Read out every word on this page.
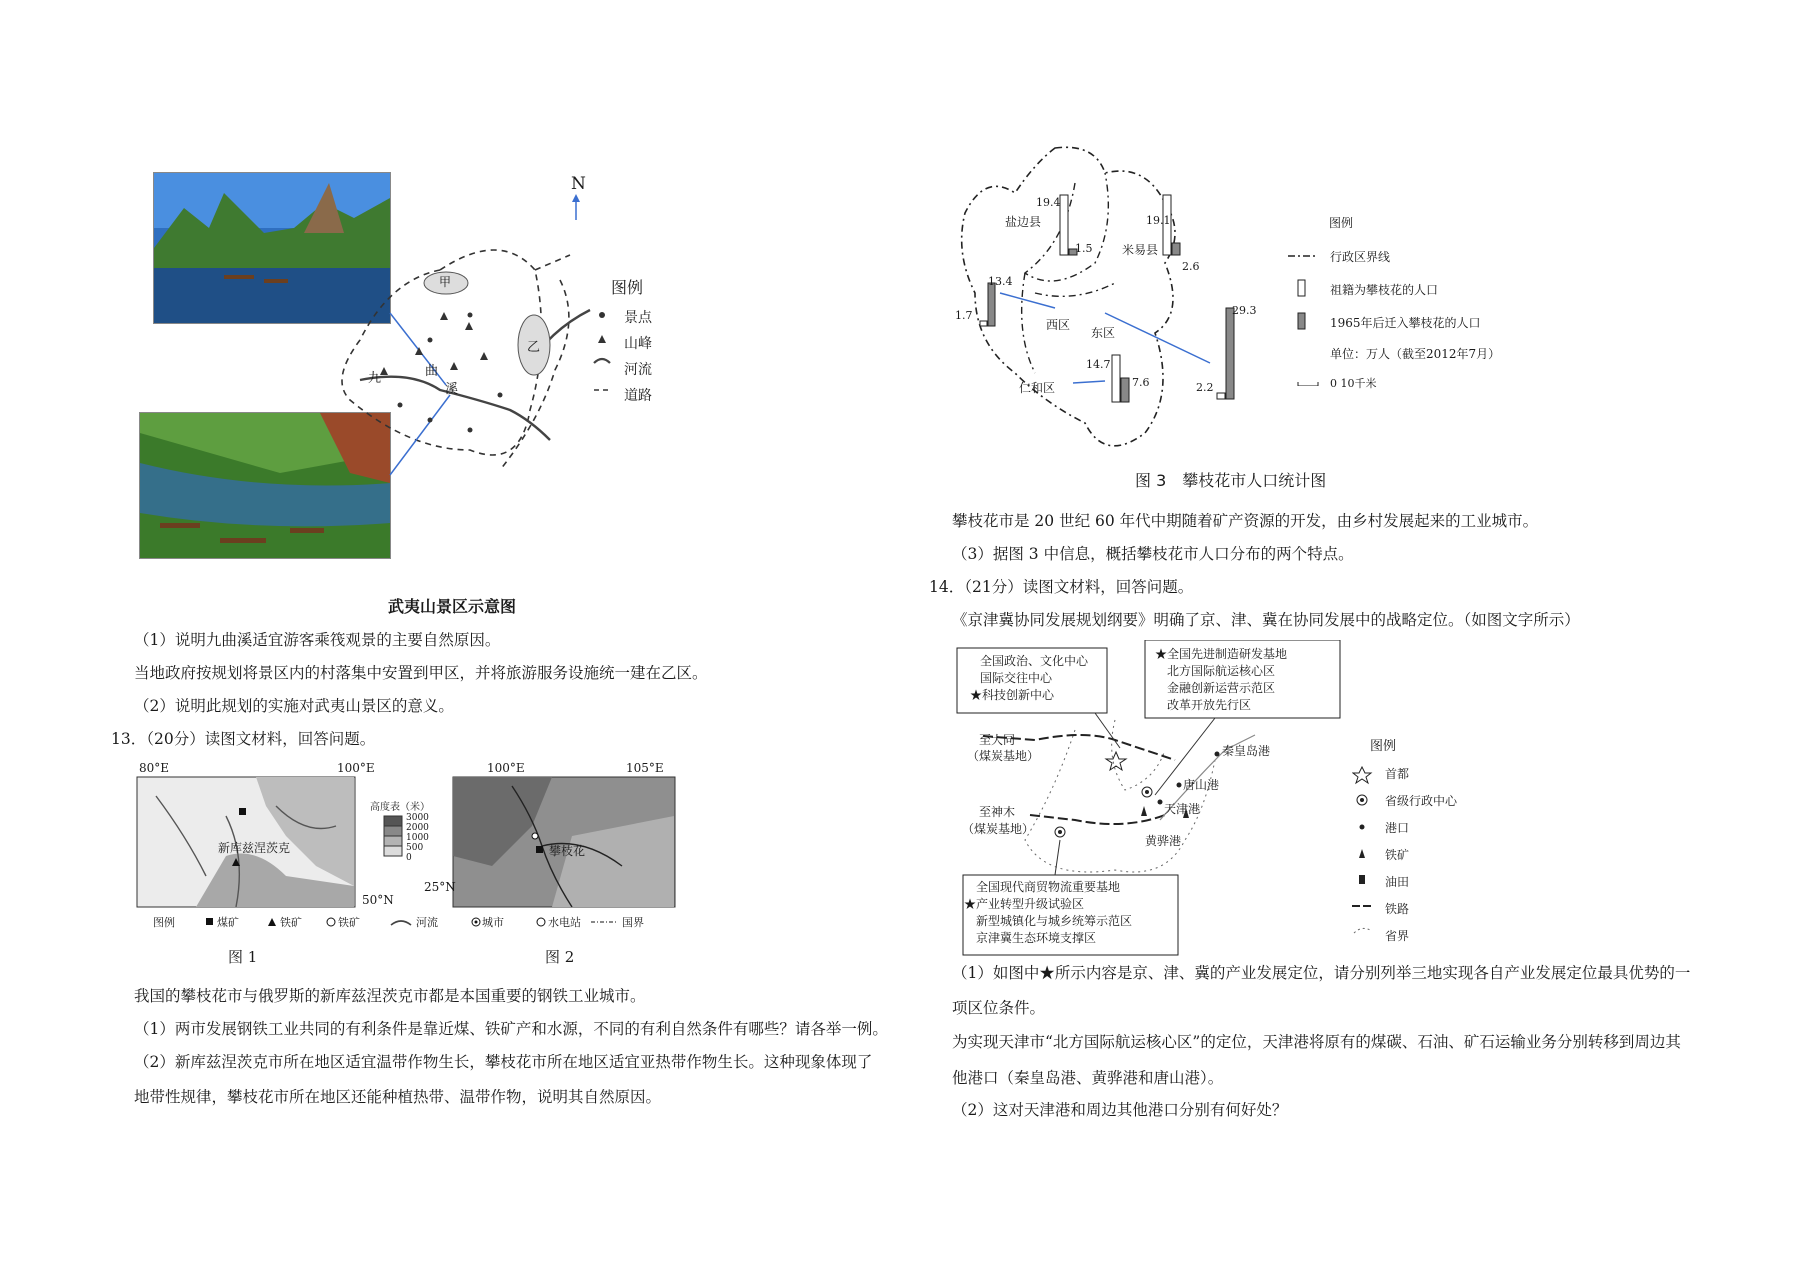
N
甲
乙
九	曲
溪
图例
景点
山峰
河流
道路
武夷山景区示意图
（1）说明九曲溪适宜游客乘筏观景的主要自然原因。
当地政府按规划将景区内的村落集中安置到甲区，并将旅游服务设施统一建在乙区。
（2）说明此规划的实施对武夷山景区的意义。
13．（20分）读图文材料，回答问题。
80°E	100°E
50°N
新库兹涅茨克
高度表（米）
3000
2000
1000
500
0
100°E	105°E
25°N
攀枝花
图例	煤矿	铁矿	铁矿	河流	城市	水电站	国界
图 1	图 2
我国的攀枝花市与俄罗斯的新库兹涅茨克市都是本国重要的钢铁工业城市。
（1）两市发展钢铁工业共同的有利条件是靠近煤、铁矿产和水源，不同的有利自然条件有哪些？请各举一例。
（2）新库兹涅茨克市所在地区适宜温带作物生长，攀枝花市所在地区适宜亚热带作物生长。这种现象体现了
地带性规律，攀枝花市所在地区还能种植热带、温带作物，说明其自然原因。
盐边县
米易县
西区
东区
仁和区
19.4
1.5
19.1
2.6
1.7
13.4
2.2
29.3
14.7
7.6
图例
行政区界线
祖籍为攀枝花的人口
1965年后迁入攀枝花的人口
单位：万人（截至2012年7月）
0 10千米
图 3　攀枝花市人口统计图
攀枝花市是 20 世纪 60 年代中期随着矿产资源的开发，由乡村发展起来的工业城市。
（3）据图 3 中信息，概括攀枝花市人口分布的两个特点。
14．（21分）读图文材料，回答问题。
《京津冀协同发展规划纲要》明确了京、津、冀在协同发展中的战略定位。（如图文字所示）
全国政治、文化中心
国际交往中心
★科技创新中心
★全国先进制造研发基地
北方国际航运核心区
金融创新运营示范区
改革开放先行区
全国现代商贸物流重要基地
★产业转型升级试验区
新型城镇化与城乡统筹示范区
京津冀生态环境支撑区
至大同
（煤炭基地）
至神木
（煤炭基地）
秦皇岛港
唐山港
天津港
黄骅港
图例
首都
省级行政中心
港口
铁矿
油田
铁路
省界
（1）如图中★所示内容是京、津、冀的产业发展定位，请分别列举三地实现各自产业发展定位最具优势的一
项区位条件。
为实现天津市“北方国际航运核心区”的定位，天津港将原有的煤碳、石油、矿石运输业务分别转移到周边其
他港口（秦皇岛港、黄骅港和唐山港）。
（2）这对天津港和周边其他港口分别有何好处？
